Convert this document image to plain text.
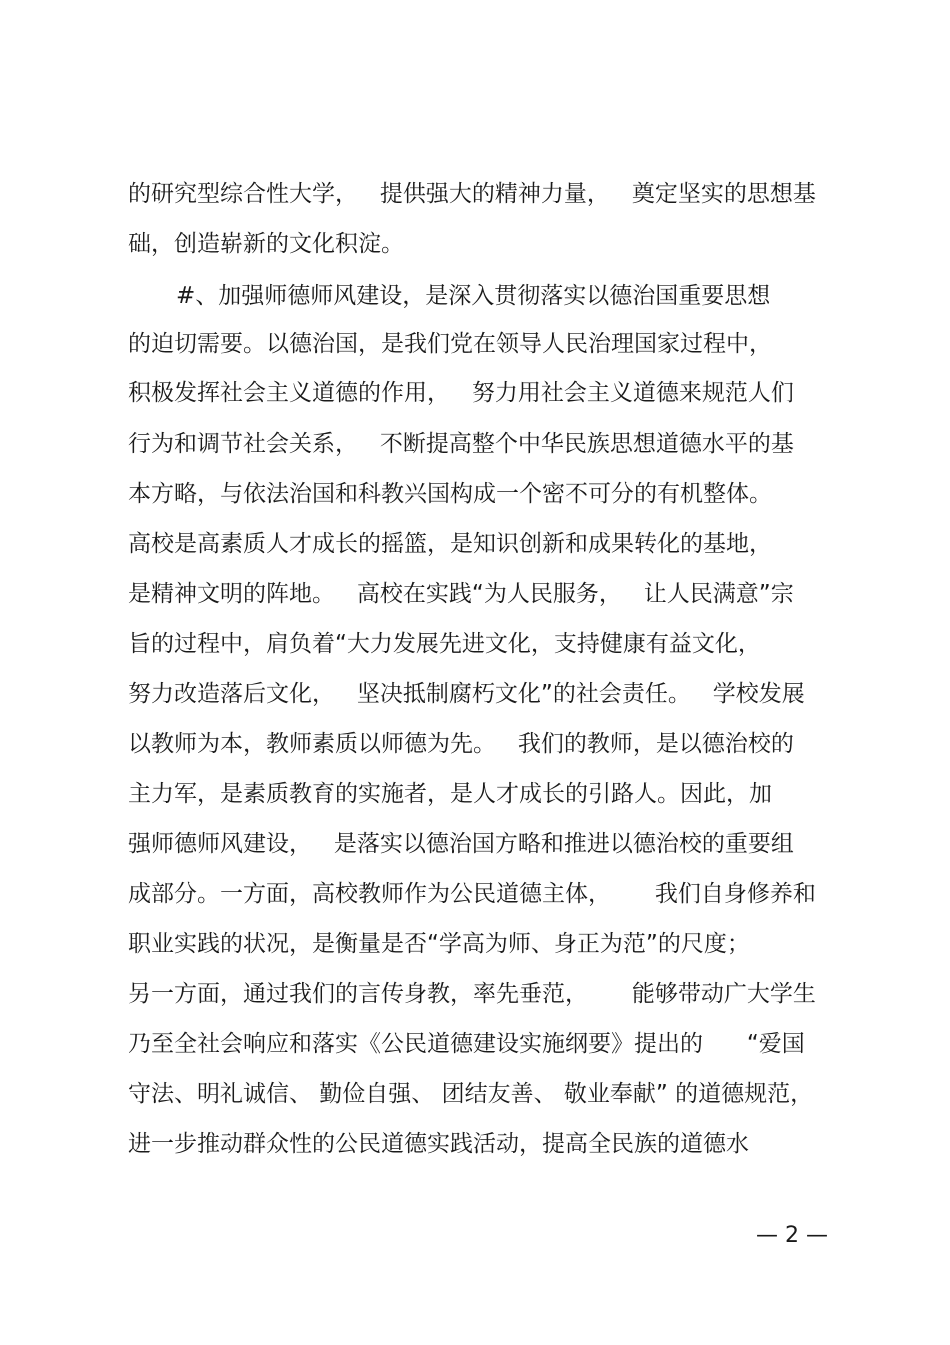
的研究型综合性大学，   提供强大的精神力量，   奠定坚实的思想基
础，创造崭新的文化积淀。
#、加强师德师风建设，是深入贯彻落实以德治国重要思想
的迫切需要。以德治国，是我们党在领导人民治理国家过程中，
积极发挥社会主义道德的作用，   努力用社会主义道德来规范人们
行为和调节社会关系，   不断提高整个中华民族思想道德水平的基
本方略，与依法治国和科教兴国构成一个密不可分的有机整体。
高校是高素质人才成长的摇篮，是知识创新和成果转化的基地，
是精神文明的阵地。   高校在实践“为人民服务，   让人民满意”宗
旨的过程中，肩负着“大力发展先进文化，支持健康有益文化，
努力改造落后文化，   坚决抵制腐朽文化”的社会责任。   学校发展
以教师为本，教师素质以师德为先。   我们的教师，是以德治校的
主力军，是素质教育的实施者，是人才成长的引路人。因此，加
强师德师风建设，   是落实以德治国方略和推进以德治校的重要组
成部分。一方面，高校教师作为公民道德主体，      我们自身修养和
职业实践的状况，是衡量是否“学高为师、身正为范”的尺度；
另一方面，通过我们的言传身教，率先垂范，      能够带动广大学生
乃至全社会响应和落实《公民道德建设实施纲要》提出的      “爱国
守法、明礼诚信、 勤俭自强、 团结友善、 敬业奉献” 的道德规范，
进一步推动群众性的公民道德实践活动，提高全民族的道德水
— 2 —
